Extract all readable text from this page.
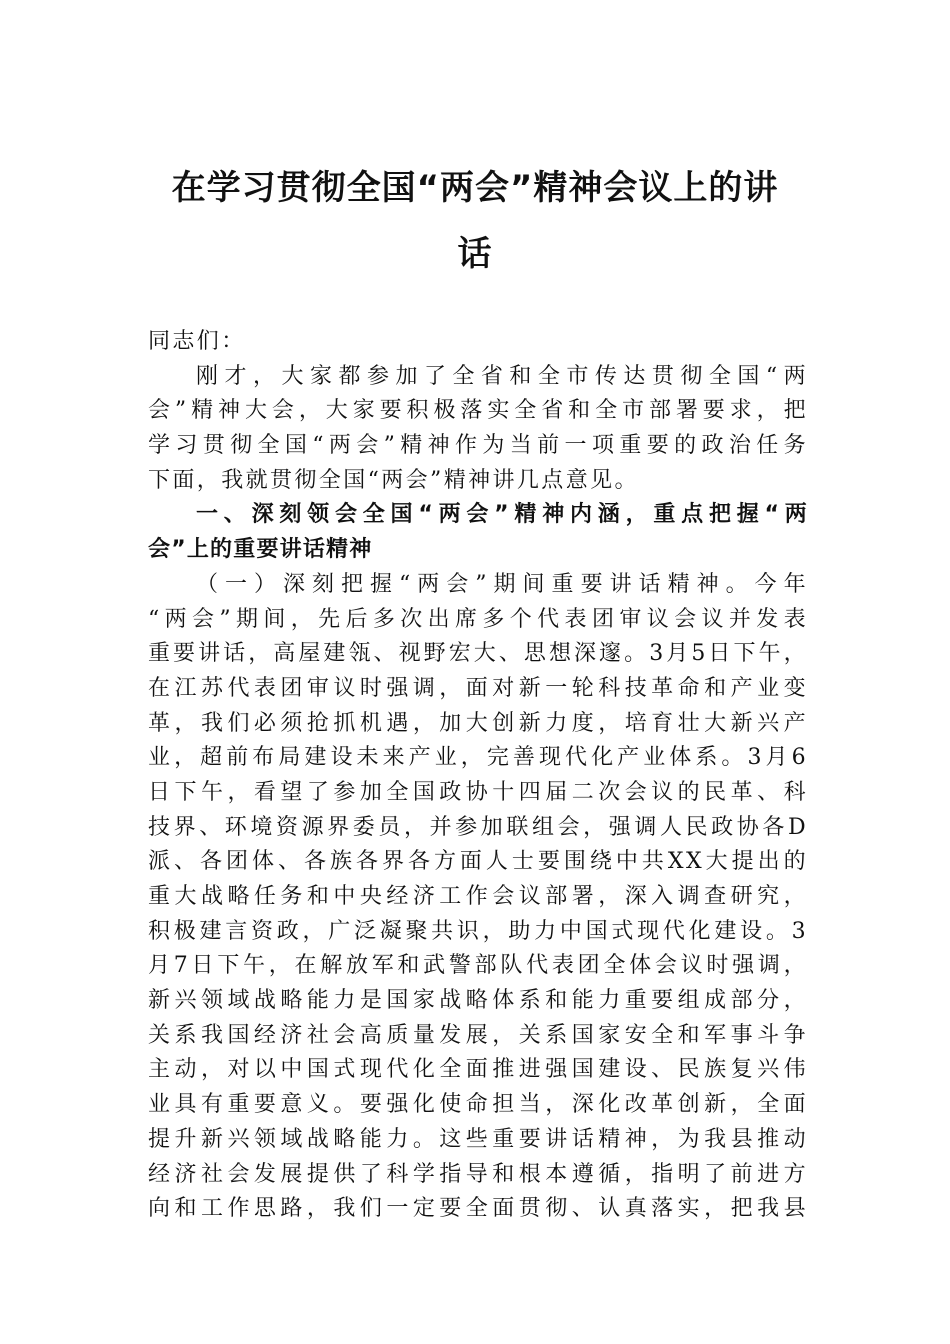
在学习贯彻全国“两会”精神会议上的讲
话
同志们：
刚才，大家都参加了全省和全市传达贯彻全国“两
会”精神大会，大家要积极落实全省和全市部署要求，把
学习贯彻全国“两会”精神作为当前一项重要的政治任务
下面，我就贯彻全国“两会”精神讲几点意见。
一、深刻领会全国“两会”精神内涵，重点把握“两
会”上的重要讲话精神
（一）深刻把握“两会”期间重要讲话精神。今年
“两会”期间，先后多次出席多个代表团审议会议并发表
重要讲话，高屋建瓴、视野宏大、思想深邃。3月5日下午，
在江苏代表团审议时强调，面对新一轮科技革命和产业变
革，我们必须抢抓机遇，加大创新力度，培育壮大新兴产
业，超前布局建设未来产业，完善现代化产业体系。3月6
日下午，看望了参加全国政协十四届二次会议的民革、科
技界、环境资源界委员，并参加联组会，强调人民政协各D
派、各团体、各族各界各方面人士要围绕中共XX大提出的
重大战略任务和中央经济工作会议部署，深入调查研究，
积极建言资政，广泛凝聚共识，助力中国式现代化建设。3
月7日下午，在解放军和武警部队代表团全体会议时强调，
新兴领域战略能力是国家战略体系和能力重要组成部分，
关系我国经济社会高质量发展，关系国家安全和军事斗争
主动，对以中国式现代化全面推进强国建设、民族复兴伟
业具有重要意义。要强化使命担当，深化改革创新，全面
提升新兴领域战略能力。这些重要讲话精神，为我县推动
经济社会发展提供了科学指导和根本遵循，指明了前进方
向和工作思路，我们一定要全面贯彻、认真落实，把我县
